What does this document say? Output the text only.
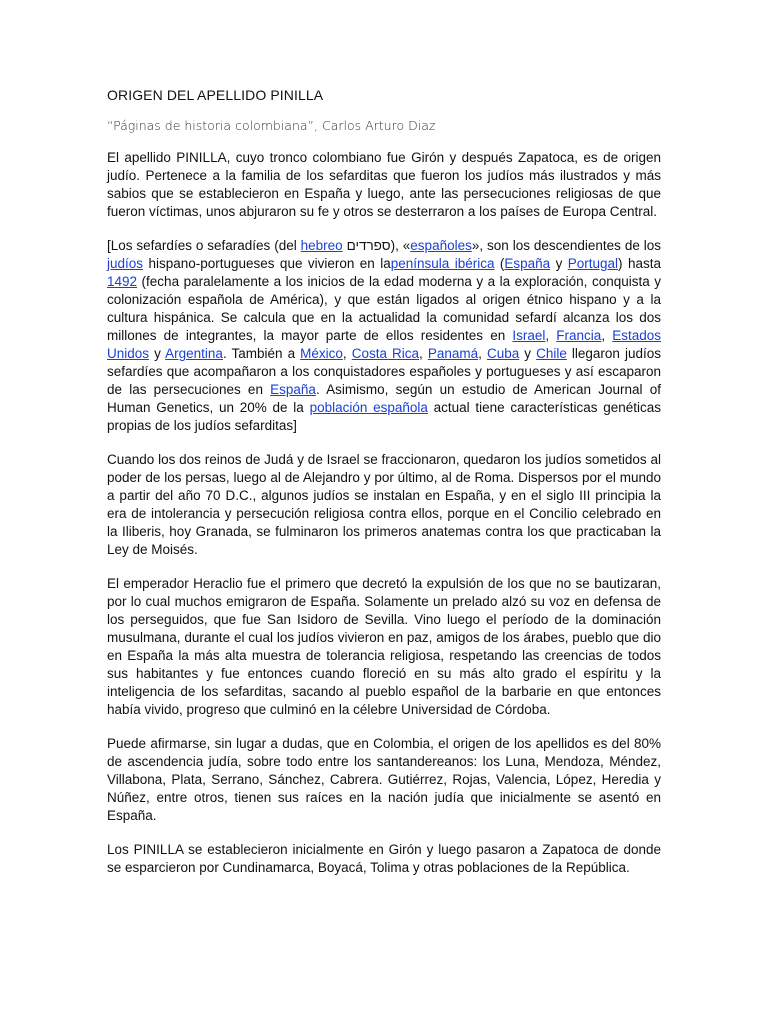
ORIGEN DEL APELLIDO PINILLA
“Páginas de historia colombiana”, Carlos Arturo Diaz

El apellido PINILLA, cuyo tronco colombiano fue Girón y después Zapatoca, es de origen judío. Pertenece a la familia de los sefarditas que fueron los judíos más ilustrados y más sabios que se establecieron en España y luego, ante las persecuciones religiosas de que fueron víctimas, unos abjuraron su fe y otros se desterraron a los países de Europa Central.

[Los sefardíes o sefaradíes (del hebreo ספרדים), «españoles», son los descendientes de los judíos hispano-portugueses que vivieron en lapenínsula ibérica (España y Portugal) hasta 1492 (fecha paralelamente a los inicios de la edad moderna y a la exploración, conquista y colonización española de América), y que están ligados al origen étnico hispano y a la cultura hispánica. Se calcula que en la actualidad la comunidad sefardí alcanza los dos millones de integrantes, la mayor parte de ellos residentes en Israel, Francia, Estados Unidos y Argentina. También a México, Costa Rica, Panamá, Cuba y Chile llegaron judíos sefardíes que acompañaron a los conquistadores españoles y portugueses y así escaparon de las persecuciones en España. Asimismo, según un estudio de American Journal of Human Genetics, un 20% de la población española actual tiene características genéticas propias de los judíos sefarditas]

Cuando los dos reinos de Judá y de Israel se fraccionaron, quedaron los judíos sometidos al poder de los persas, luego al de Alejandro y por último, al de Roma. Dispersos por el mundo a partir del año 70 D.C., algunos judíos se instalan en España, y en el siglo III principia la era de intolerancia y persecución religiosa contra ellos, porque en el Concilio celebrado en la Iliberis, hoy Granada, se fulminaron los primeros anatemas contra los que practicaban la Ley de Moisés.

El emperador Heraclio fue el primero que decretó la expulsión de los que no se bautizaran, por lo cual muchos emigraron de España. Solamente un prelado alzó su voz en defensa de los perseguidos, que fue San Isidoro de Sevilla. Vino luego el período de la dominación musulmana, durante el cual los judíos vivieron en paz, amigos de los árabes, pueblo que dio en España la más alta muestra de tolerancia religiosa, respetando las creencias de todos sus habitantes y fue entonces cuando floreció en su más alto grado el espíritu y la inteligencia de los sefarditas, sacando al pueblo español de la barbarie en que entonces había vivido, progreso que culminó en la célebre Universidad de Córdoba.

Puede afirmarse, sin lugar a dudas, que en Colombia, el origen de los apellidos es del 80% de ascendencia judía, sobre todo entre los santandereanos: los Luna, Mendoza, Méndez, Villabona, Plata, Serrano, Sánchez, Cabrera. Gutiérrez, Rojas, Valencia, López, Heredia y Núñez, entre otros, tienen sus raíces en la nación judía que inicialmente se asentó en España.

Los PINILLA se establecieron inicialmente en Girón y luego pasaron a Zapatoca de donde se esparcieron por Cundinamarca, Boyacá, Tolima y otras poblaciones de la República.
